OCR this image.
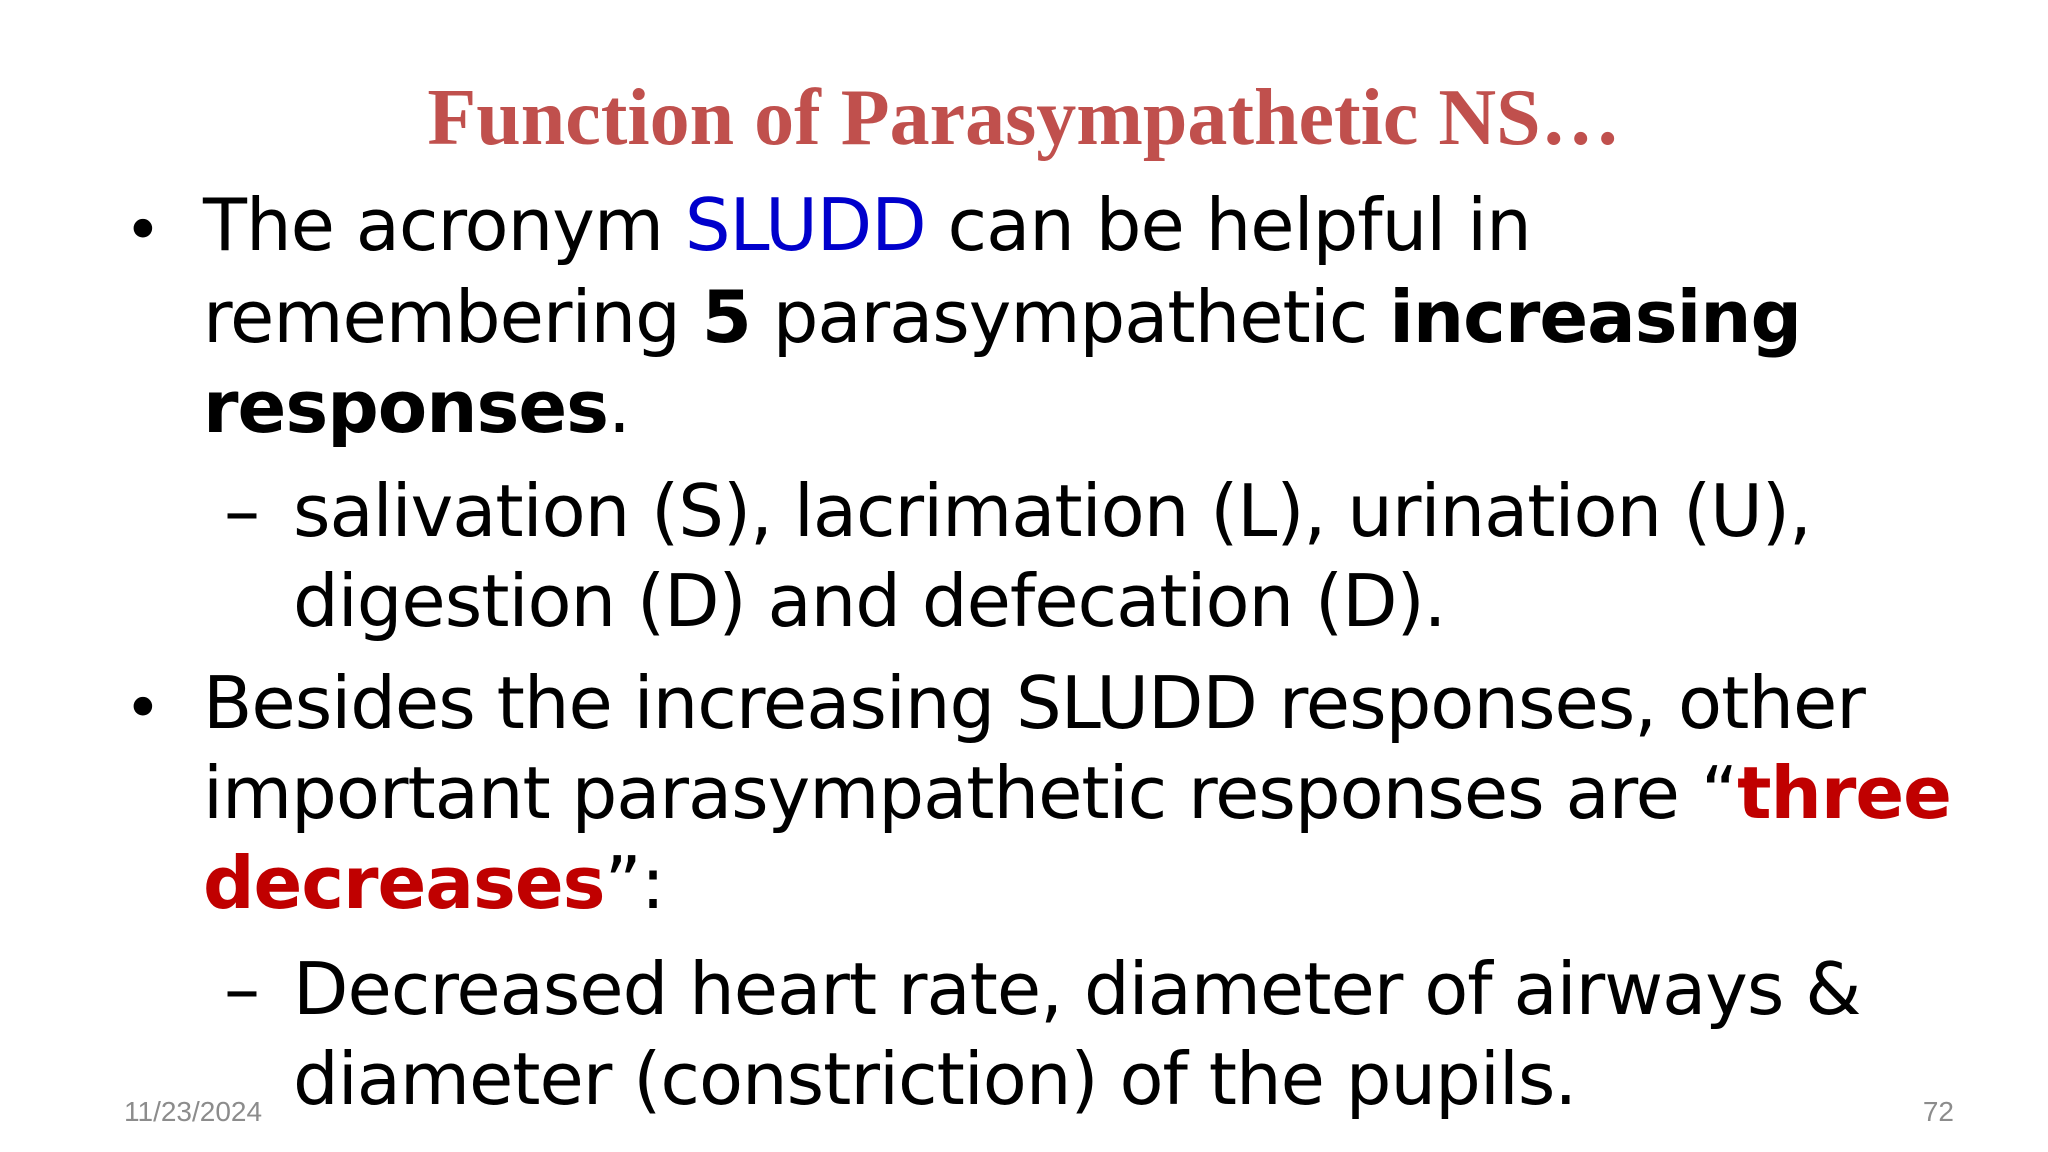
Function of Parasympathetic NS…
• The acronym SLUDD can be helpful in
remembering 5 parasympathetic increasing
responses.
– salivation (S), lacrimation (L), urination (U),
digestion (D) and defecation (D).
• Besides the increasing SLUDD responses, other
important parasympathetic responses are “three
decreases”:
– Decreased heart rate, diameter of airways &
diameter (constriction) of the pupils.
11/23/2024	72
